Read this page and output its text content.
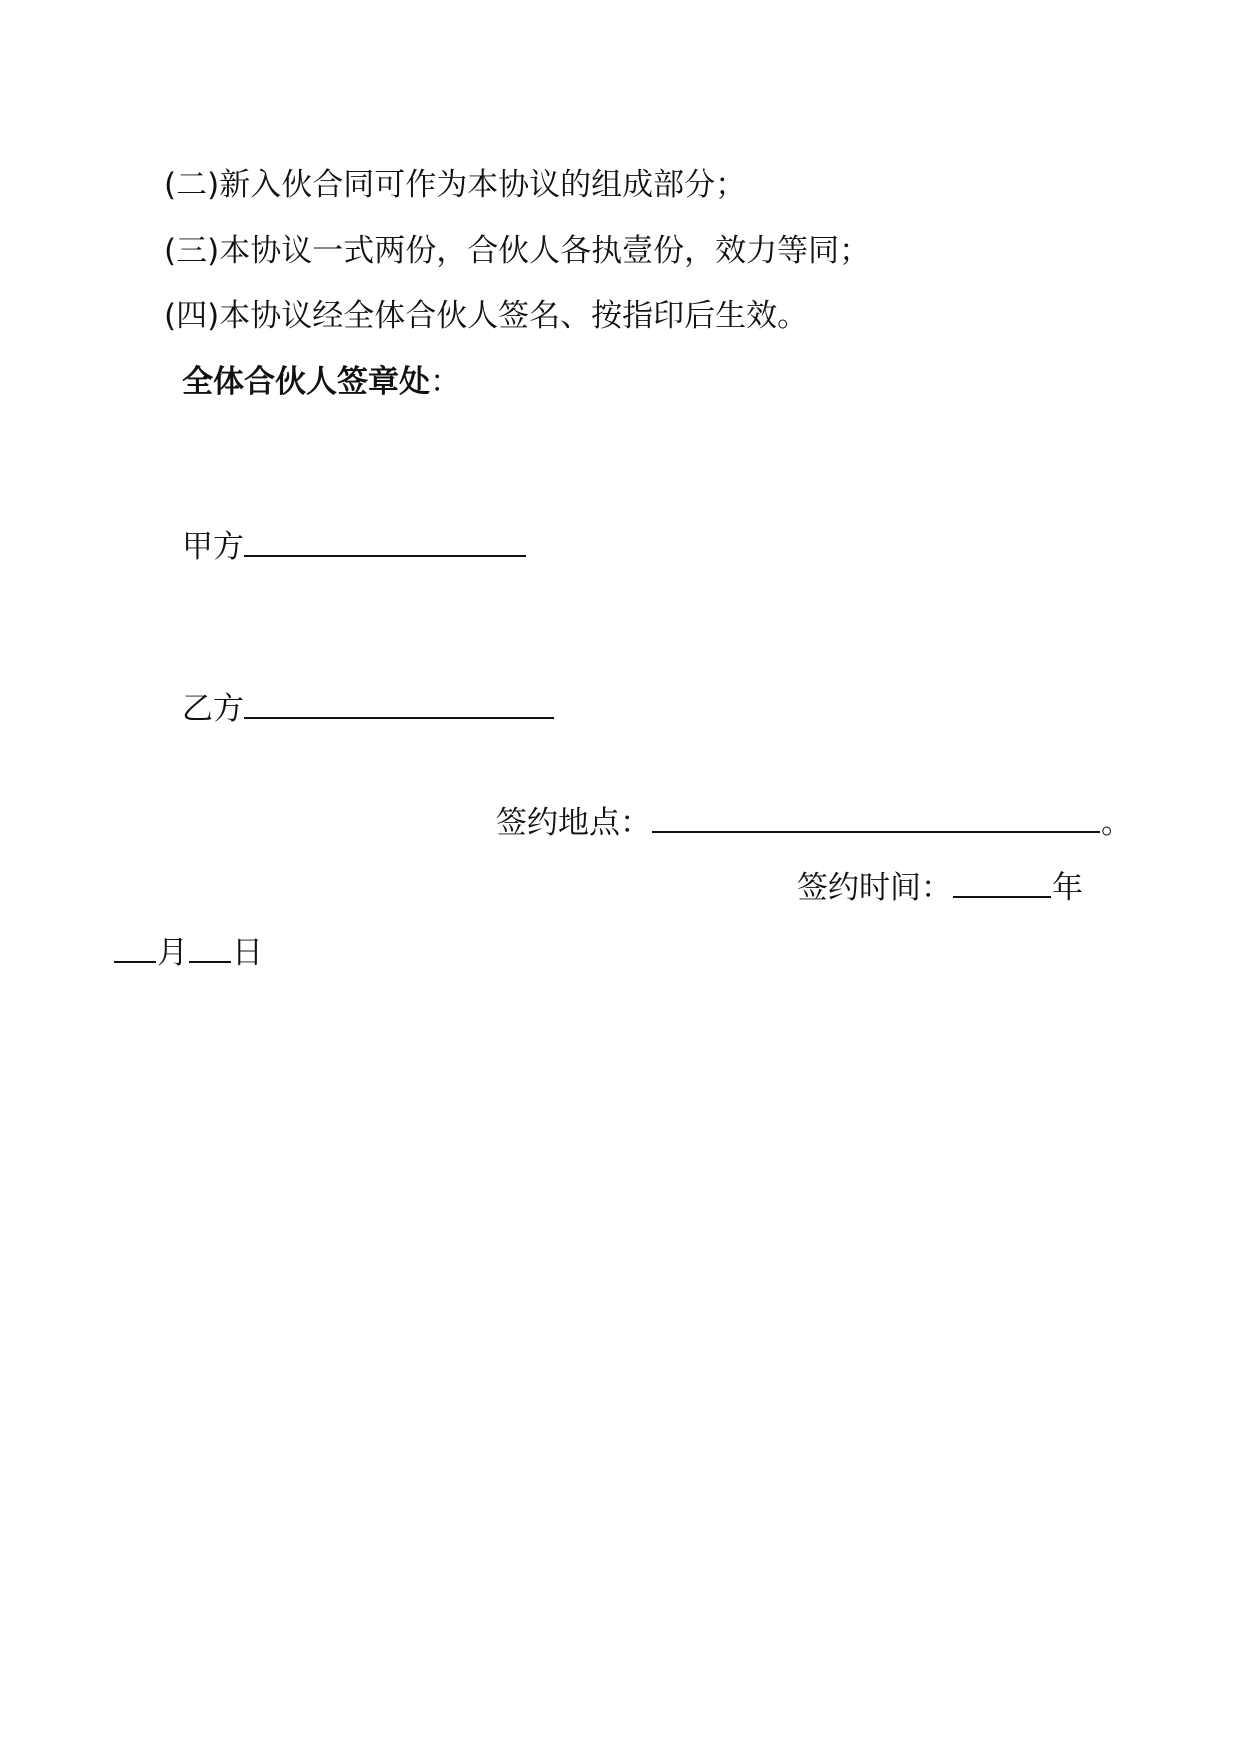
(二)新入伙合同可作为本协议的组成部分；
(三)本协议一式两份，合伙人各执壹份，效力等同；
(四)本协议经全体合伙人签名、按指印后生效。
全体合伙人签章处：
甲方
乙方
签约地点：	。
签约时间：	年
月 日
